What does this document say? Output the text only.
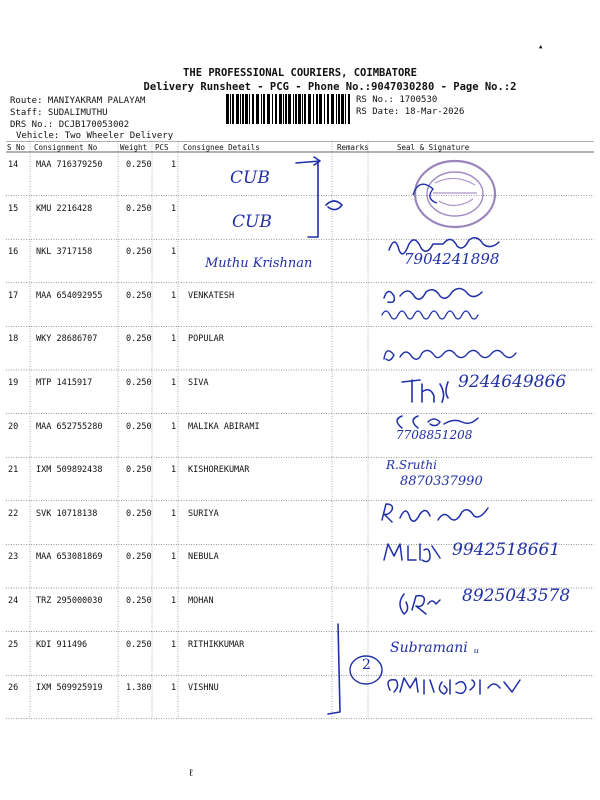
THE PROFESSIONAL COURIERS, COIMBATORE
Delivery Runsheet - PCG - Phone No.:9047030280 - Page No.:2
Route: MANIYAKRAM PALAYAM
Staff: SUDALIMUTHU
DRS No.: DCJB170053002
Vehicle: Two Wheeler Delivery
RS No.: 1700530
RS Date: 18-Mar-2026
▴
ℓ
S No Consignment No	Weight PCS Consignee Details	Remarks	Seal & Signature
14 MAA 716379250	0.250 1
15 KMU 2216428	0.250 1
16 NKL 3717158	0.250 1
17 MAA 654092955	0.250 1 VENKATESH
18 WKY 28686707	0.250 1 POPULAR
19 MTP 1415917	0.250 1 SIVA
20 MAA 652755280	0.250 1 MALIKA ABIRAMI
21 IXM 509892438	0.250 1 KISHOREKUMAR
22 SVK 10718138	0.250 1 SURIYA
23 MAA 653081869	0.250 1 NEBULA
24 TRZ 295000030	0.250 1 MOHAN
25 KDI 911496	0.250 1 RITHIKKUMAR
26 IXM 509925919	1.380 1 VISHNU
CUB
CUB
Muthu Krishnan
2
Subramani ᵤ
7904241898
9244649866
7708851208
R.Sruthi
8870337990
9942518661
8925043578
